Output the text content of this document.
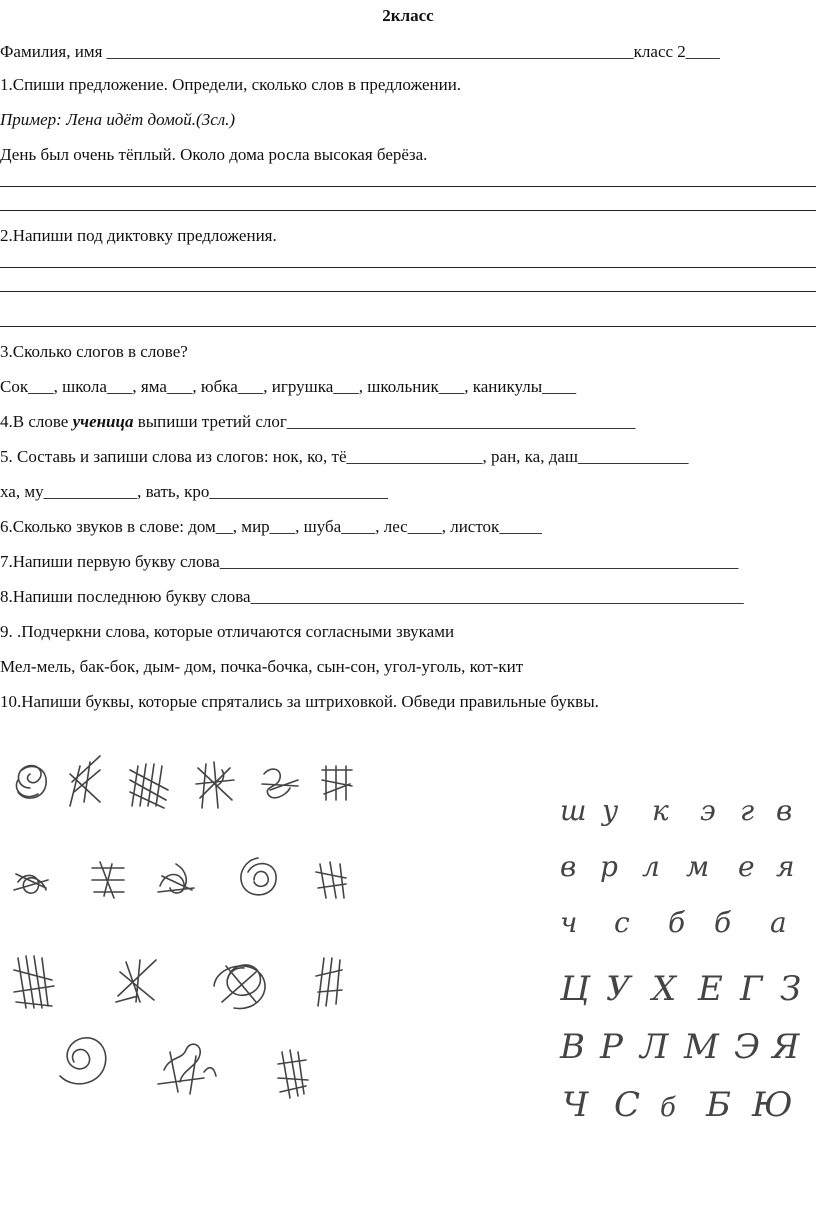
2класс
Фамилия, имя ______________________________________________________________класс 2____
1.Спиши предложение. Определи, сколько слов в предложении.
Пример: Лена идёт домой.(3сл.)
День был очень тёплый. Около дома росла высокая берёза.
2.Напиши под диктовку предложения.
3.Сколько слогов в слове?
Сок___, школа___, яма___, юбка___, игрушка___, школьник___, каникулы____
4.В слове ученица выпиши третий слог_________________________________________
5. Составь и запиши слова из слогов: нок, ко, тё________________, ран, ка, даш_____________
ха, му___________, вать, кро_____________________
6.Сколько звуков в слове: дом__, мир___, шуба____, лес____, листок_____
7.Напиши первую букву слова_____________________________________________________________
8.Напиши последнюю букву слова__________________________________________________________
9. .Подчеркни слова, которые отличаются согласными звуками
Мел-мель, бак-бок, дым- дом, почка-бочка, сын-сон, угол-уголь, кот-кит
10.Напиши буквы, которые спрятались за штриховкой. Обведи правильные буквы.
ш у к э г в
в р л м е я
ч с б б а
Ц У Х Е Г З
В Р Л М Э Я
Ч С б Б Ю
